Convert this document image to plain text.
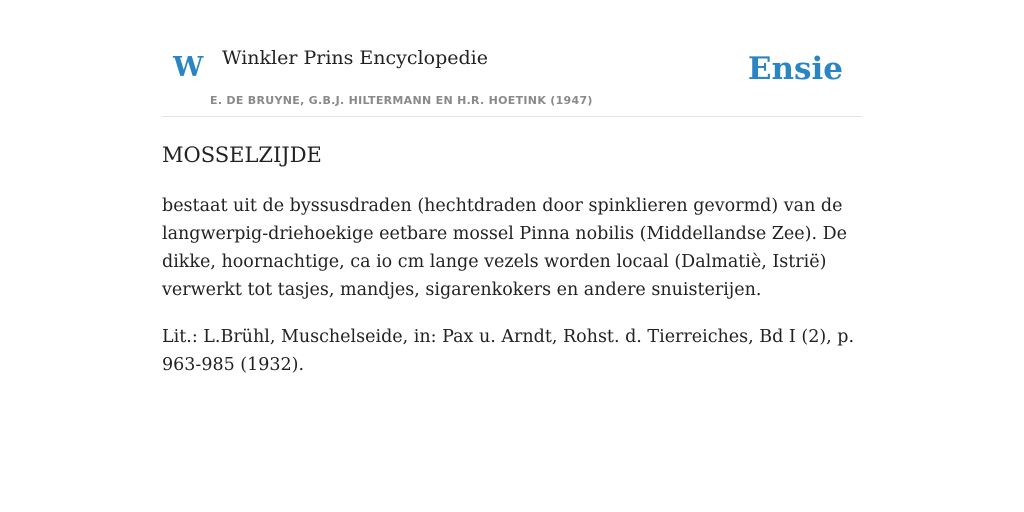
W Winkler Prins Encyclopedie
E. DE BRUYNE, G.B.J. HILTERMANN EN H.R. HOETINK (1947)
Ensie
MOSSELZIJDE

bestaat uit de byssusdraden (hechtdraden door spinklieren gevormd) van de langwerpig-driehoekige eetbare mossel Pinna nobilis (Middellandse Zee). De dikke, hoornachtige, ca io cm lange vezels worden locaal (Dalmatiè, Istrië) verwerkt tot tasjes, mandjes, sigarenkokers en andere snuisterijen.

Lit.: L.Brühl, Muschelseide, in: Pax u. Arndt, Rohst. d. Tierreiches, Bd I (2), p. 963-985 (1932).
